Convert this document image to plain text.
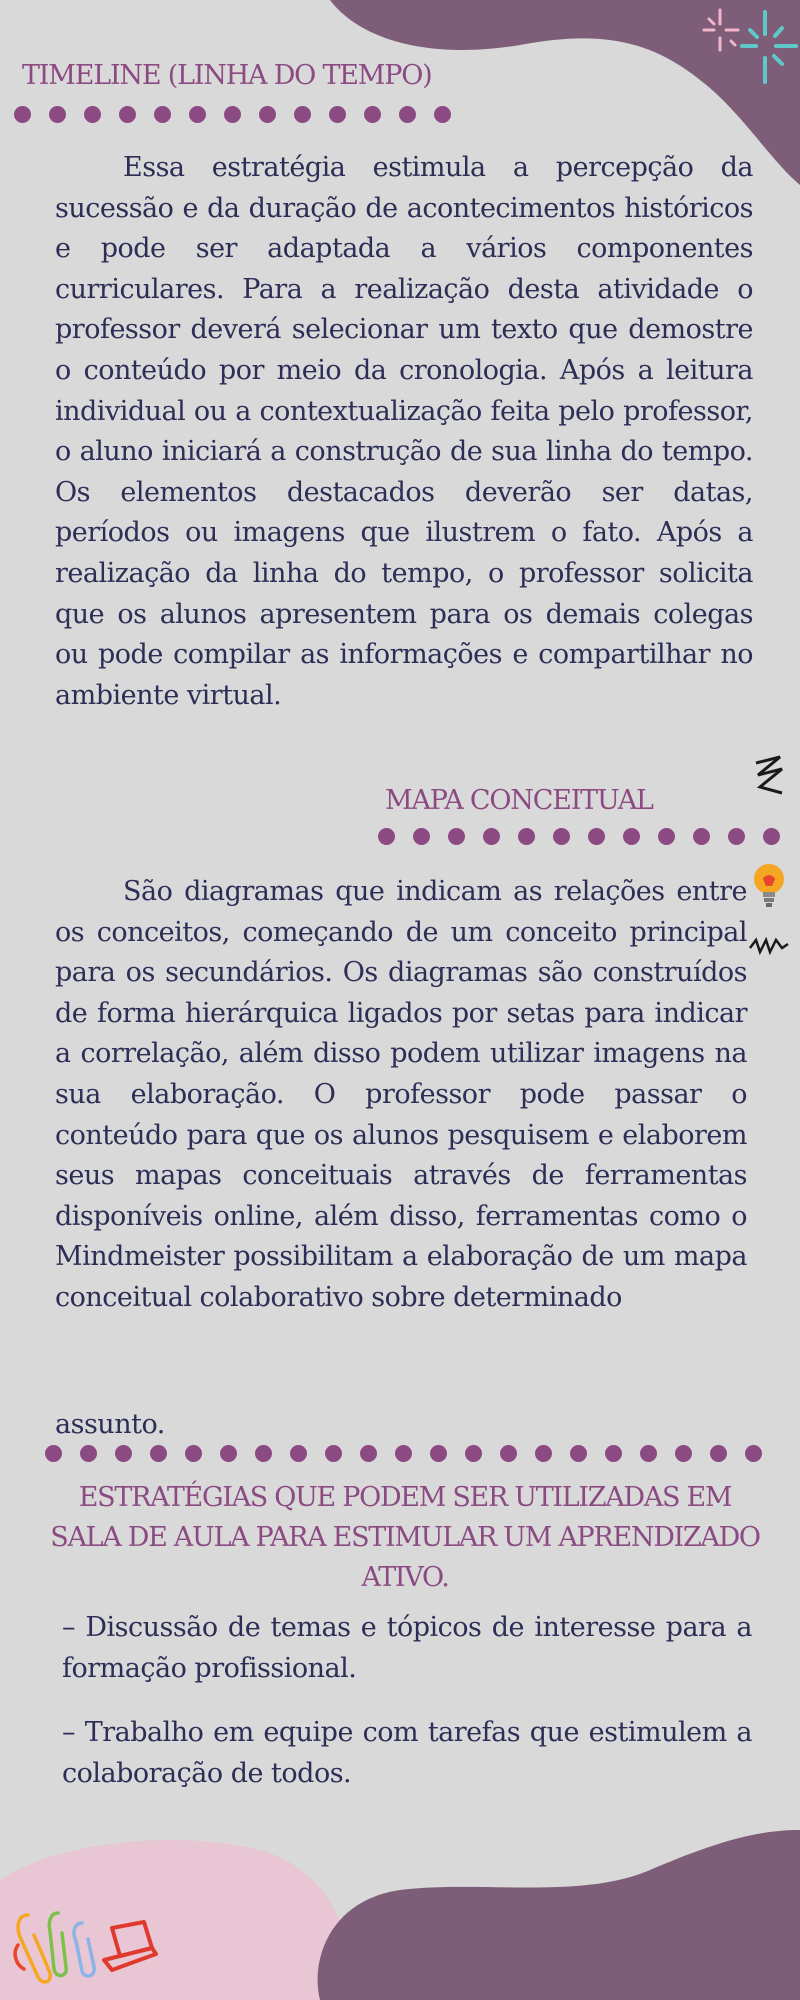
TIMELINE (LINHA DO TEMPO)

Essa estratégia estimula a percepção da sucessão e da duração de acontecimentos históricos e pode ser adaptada a vários componentes curriculares. Para a realização desta atividade o professor deverá selecionar um texto que demostre o conteúdo por meio da cronologia. Após a leitura individual ou a contextualização feita pelo professor, o aluno iniciará a construção de sua linha do tempo. Os elementos destacados deverão ser datas, períodos ou imagens que ilustrem o fato. Após a realização da linha do tempo, o professor solicita que os alunos apresentem para os demais colegas ou pode compilar as informações e compartilhar no ambiente virtual.

MAPA CONCEITUAL

São diagramas que indicam as relações entre os conceitos, começando de um conceito principal para os secundários. Os diagramas são construídos de forma hierárquica ligados por setas para indicar a correlação, além disso podem utilizar imagens na sua elaboração. O professor pode passar o conteúdo para que os alunos pesquisem e elaborem seus mapas conceituais através de ferramentas disponíveis online, além disso, ferramentas como o Mindmeister possibilitam a elaboração de um mapa conceitual colaborativo sobre determinado

assunto.

ESTRATÉGIAS QUE PODEM SER UTILIZADAS EM SALA DE AULA PARA ESTIMULAR UM APRENDIZADO ATIVO.

– Discussão de temas e tópicos de interesse para a formação profissional.

– Trabalho em equipe com tarefas que estimulem a colaboração de todos.
